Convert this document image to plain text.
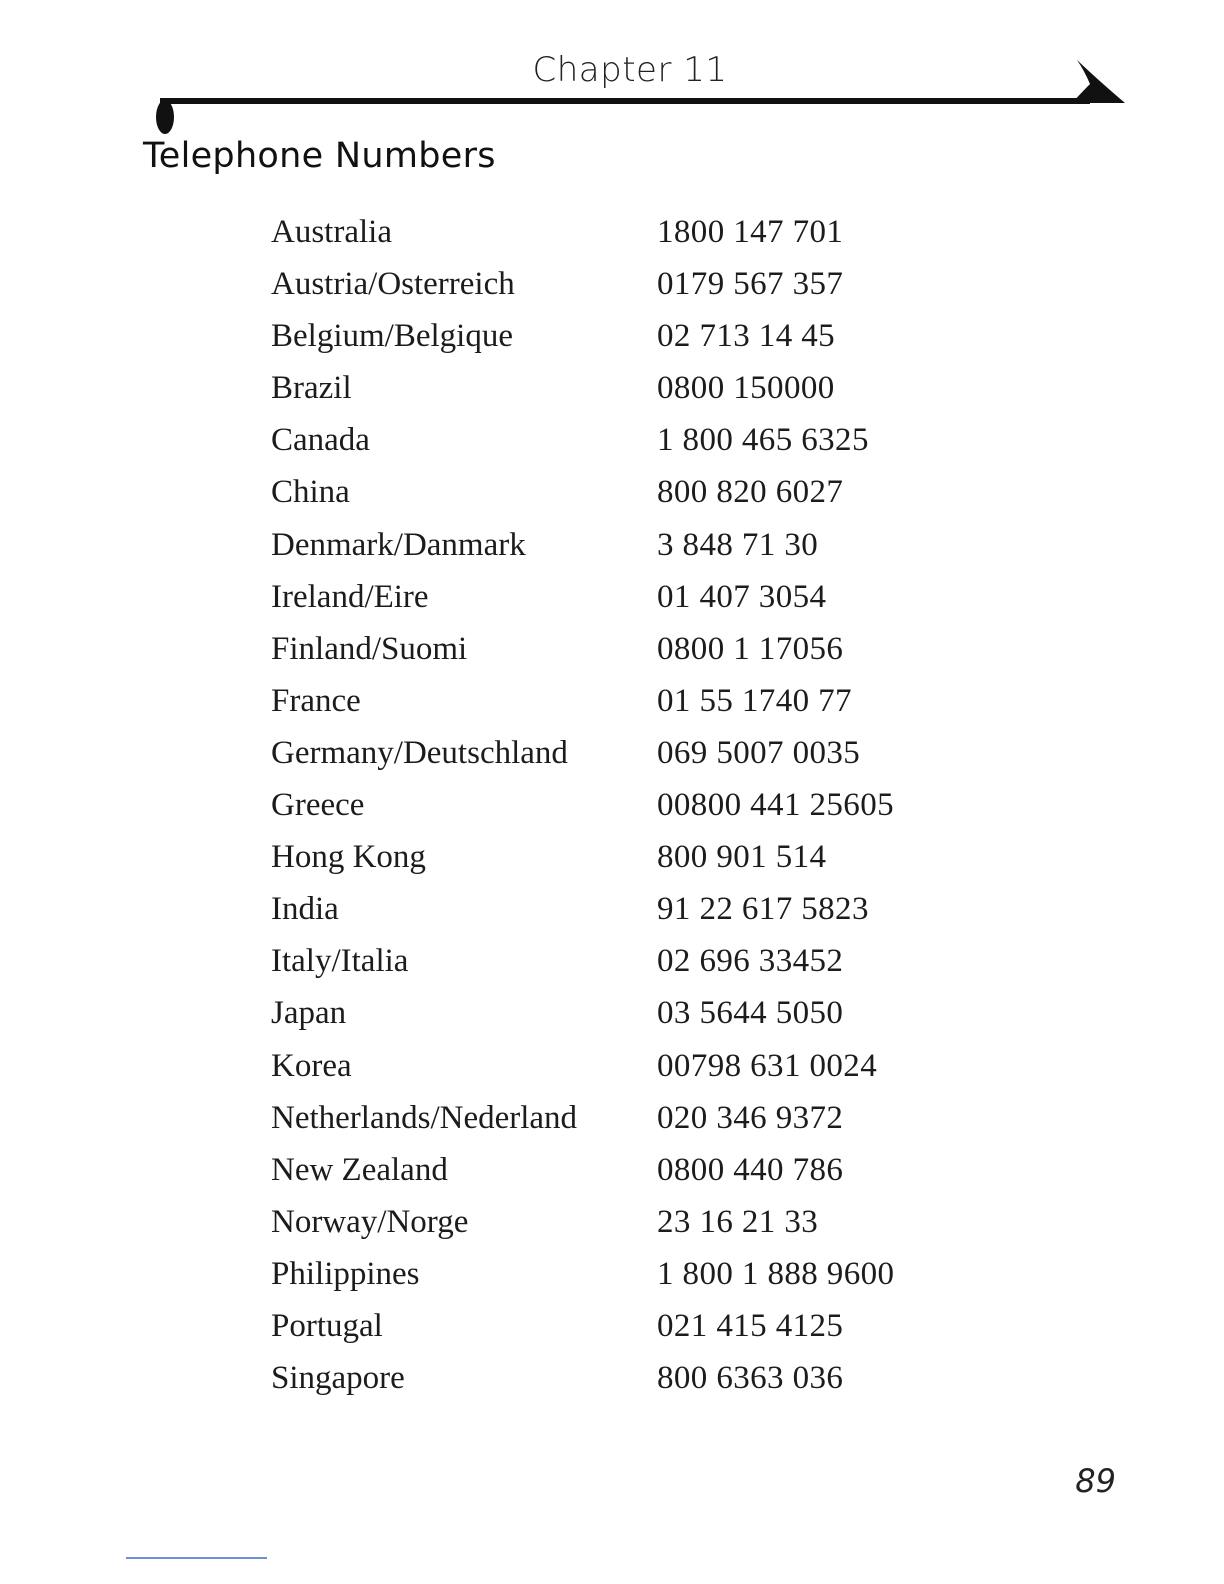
Chapter 11
Telephone Numbers
Australia	1800 147 701
Austria/Osterreich	0179 567 357
Belgium/Belgique	02 713 14 45
Brazil	0800 150000
Canada	1 800 465 6325
China	800 820 6027
Denmark/Danmark	3 848 71 30
Ireland/Eire	01 407 3054
Finland/Suomi	0800 1 17056
France	01 55 1740 77
Germany/Deutschland	069 5007 0035
Greece	00800 441 25605
Hong Kong	800 901 514
India	91 22 617 5823
Italy/Italia	02 696 33452
Japan	03 5644 5050
Korea	00798 631 0024
Netherlands/Nederland 020 346 9372
New Zealand	0800 440 786
Norway/Norge	23 16 21 33
Philippines	1 800 1 888 9600
Portugal	021 415 4125
Singapore	800 6363 036
89
